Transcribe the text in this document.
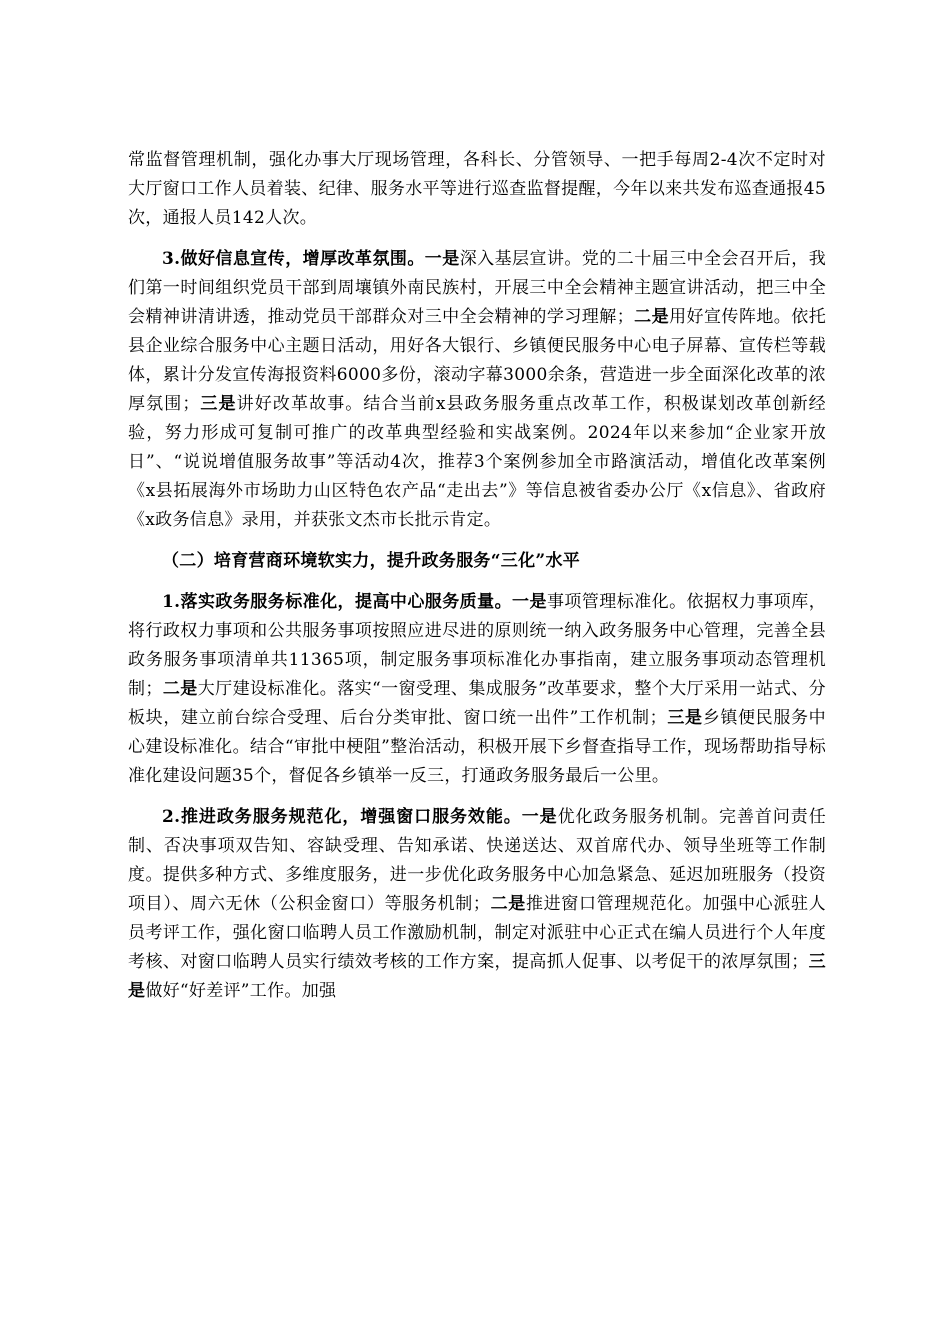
常监督管理机制，强化办事大厅现场管理，各科长、分管领导、一把手每周2-4次不定时对大厅窗口工作人员着装、纪律、服务水平等进行巡查监督提醒，今年以来共发布巡查通报45次，通报人员142人次。

3.做好信息宣传，增厚改革氛围。一是深入基层宣讲。党的二十届三中全会召开后，我们第一时间组织党员干部到周壤镇外南民族村，开展三中全会精神主题宣讲活动，把三中全会精神讲清讲透，推动党员干部群众对三中全会精神的学习理解；二是用好宣传阵地。依托县企业综合服务中心主题日活动，用好各大银行、乡镇便民服务中心电子屏幕、宣传栏等载体，累计分发宣传海报资料6000多份，滚动字幕3000余条，营造进一步全面深化改革的浓厚氛围；三是讲好改革故事。结合当前x县政务服务重点改革工作，积极谋划改革创新经验，努力形成可复制可推广的改革典型经验和实战案例。2024年以来参加“企业家开放日”、“说说增值服务故事”等活动4次，推荐3个案例参加全市路演活动，增值化改革案例《x县拓展海外市场助力山区特色农产品“走出去”》等信息被省委办公厅《x信息》、省政府《x政务信息》录用，并获张文杰市长批示肯定。

（二）培育营商环境软实力，提升政务服务“三化”水平

1.落实政务服务标准化，提高中心服务质量。一是事项管理标准化。依据权力事项库，将行政权力事项和公共服务事项按照应进尽进的原则统一纳入政务服务中心管理，完善全县政务服务事项清单共11365项，制定服务事项标准化办事指南，建立服务事项动态管理机制；二是大厅建设标准化。落实“一窗受理、集成服务”改革要求，整个大厅采用一站式、分板块，建立前台综合受理、后台分类审批、窗口统一出件”工作机制；三是乡镇便民服务中心建设标准化。结合“审批中梗阻”整治活动，积极开展下乡督查指导工作，现场帮助指导标准化建设问题35个，督促各乡镇举一反三，打通政务服务最后一公里。

2.推进政务服务规范化，增强窗口服务效能。一是优化政务服务机制。完善首问责任制、否决事项双告知、容缺受理、告知承诺、快递送达、双首席代办、领导坐班等工作制度。提供多种方式、多维度服务，进一步优化政务服务中心加急紧急、延迟加班服务（投资项目）、周六无休（公积金窗口）等服务机制；二是推进窗口管理规范化。加强中心派驻人员考评工作，强化窗口临聘人员工作激励机制，制定对派驻中心正式在编人员进行个人年度考核、对窗口临聘人员实行绩效考核的工作方案，提高抓人促事、以考促干的浓厚氛围；三是做好“好差评”工作。加强
